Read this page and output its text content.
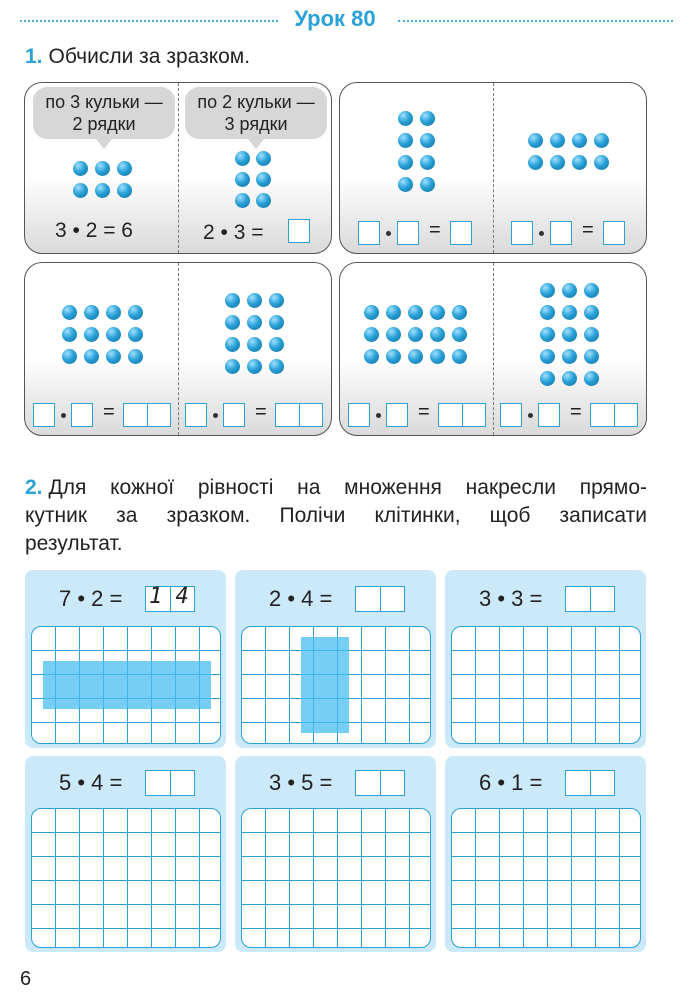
Урок 80
1. Обчисли за зразком.
по 3 кульки —
2 рядки
по 2 кульки —
3 рядки
3 • 2 = 6	2 • 3 =	=	=
=	=	=	=
2. Для кожної рівності на множення накресли прямо-
кутник за зразком. Полічи клітинки, щоб записати
результат.
7 • 2 = 1 4	2 • 4 =	3 • 3 =
5 • 4 =	3 • 5 =	6 • 1 =
6
